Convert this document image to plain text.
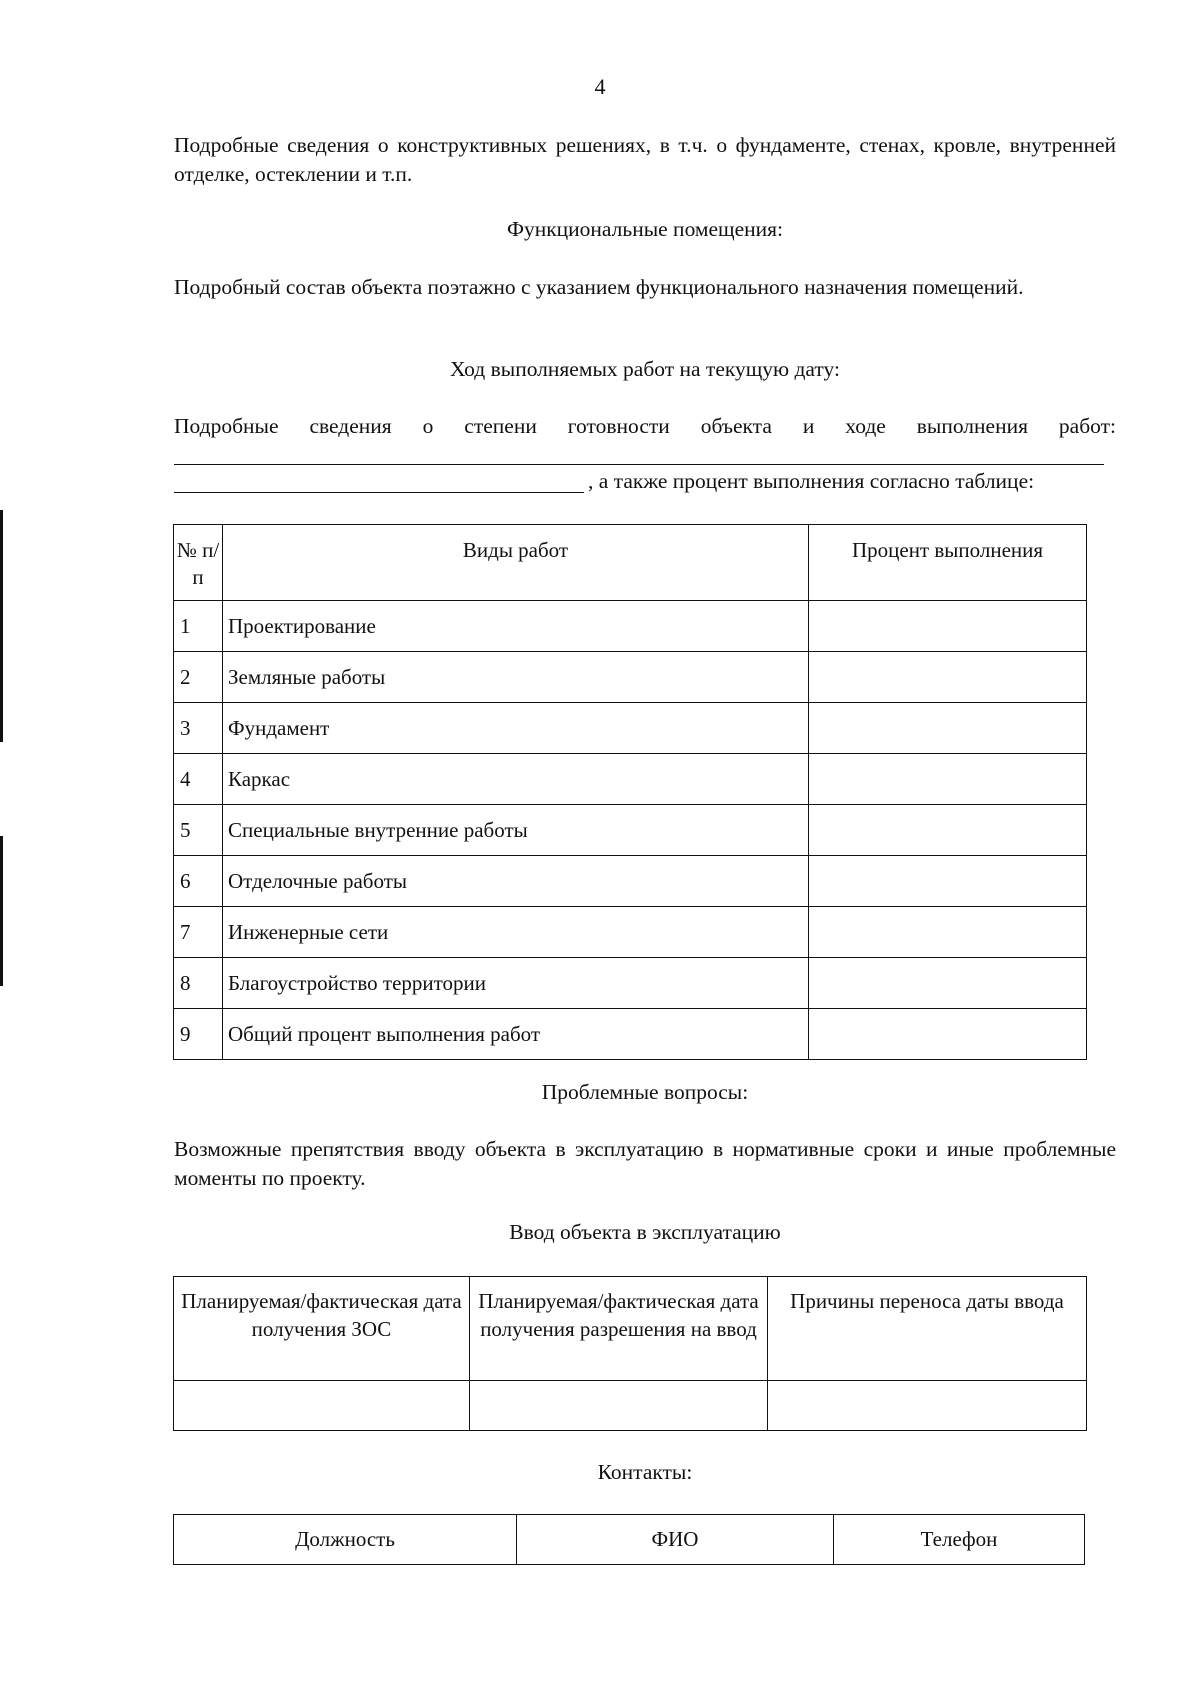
4
Подробные сведения о конструктивных решениях, в т.ч. о фундаменте, стенах, кровле, внутренней отделке, остеклении и т.п.
Функциональные помещения:
Подробный состав объекта поэтажно с указанием функционального назначения помещений.
Ход выполняемых работ на текущую дату:
Подробные сведения о степени готовности объекта и ходе выполнения работ:
, а также процент выполнения согласно таблице:
№ п/п	Виды работ	Процент выполнения
1	Проектирование	
2	Земляные работы	
3	Фундамент	
4	Каркас	
5	Специальные внутренние работы	
6	Отделочные работы	
7	Инженерные сети	
8	Благоустройство территории	
9	Общий процент выполнения работ	
Проблемные вопросы:
Возможные препятствия вводу объекта в эксплуатацию в нормативные сроки и иные проблемные моменты по проекту.
Ввод объекта в эксплуатацию
Планируемая/фактическая дата получения ЗОС	Планируемая/фактическая дата получения разрешения на ввод	Причины переноса даты ввода

Контакты:
Должность	ФИО	Телефон
